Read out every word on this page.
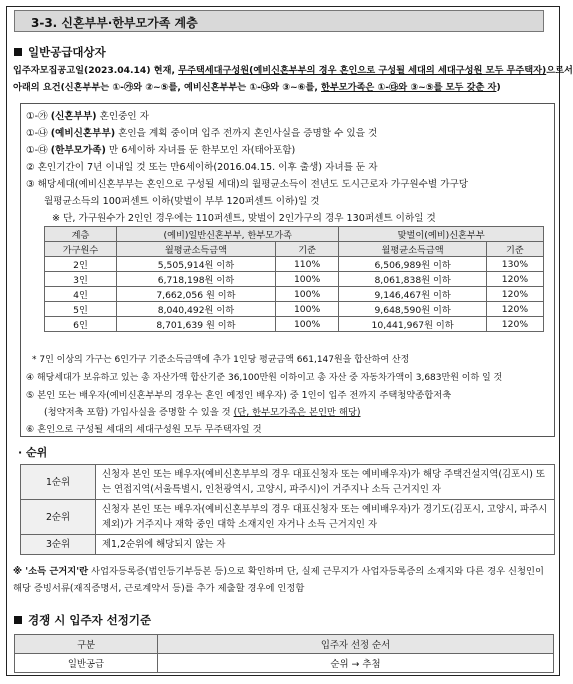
3-3. 신혼부부·한부모가족 계층
일반공급대상자
입주자모집공고일(2023.04.14) 현재, 무주택세대구성원(예비신혼부부의 경우 혼인으로 구성될 세대의 세대구성원 모두 무주택자)으로서
아래의 요건(신혼부부는 ①-㉮와 ②~⑤를, 예비신혼부부는 ①-㉯와 ③~⑥를, 한부모가족은 ①-㉰와 ③~⑤를 모두 갖춘 자)
①-㉮ (신혼부부) 혼인중인 자
①-㉯ (예비신혼부부) 혼인을 계획 중이며 입주 전까지 혼인사실을 증명할 수 있을 것
①-㉰ (한부모가족) 만 6세이하 자녀를 둔 한부모인 자(태아포함)
② 혼인기간이 7년 이내일 것 또는 만6세이하(2016.04.15. 이후 출생) 자녀를 둔 자
③ 해당세대(예비신혼부부는 혼인으로 구성될 세대)의 월평균소득이 전년도 도시근로자 가구원수별 가구당
월평균소득의 100퍼센트 이하(맞벌이 부부 120퍼센트 이하)일 것
※ 단, 가구원수가 2인인 경우에는 110퍼센트, 맞벌이 2인가구의 경우 130퍼센트 이하일 것
계층	(예비)일반신혼부부, 한부모가족		맞벌이(예비)신혼부부	
가구원수	월평균소득금액	기준	월평균소득금액	기준
2인	5,505,914원 이하	110%	6,506,989원 이하	130%
3인	6,718,198원 이하	100%	8,061,838원 이하	120%
4인	7,662,056 원 이하	100%	9,146,467원 이하	120%
5인	8,040,492원 이하	100%	9,648,590원 이하	120%
6인	8,701,639 원 이하	100%	10,441,967원 이하	120%
* 7인 이상의 가구는 6인가구 기준소득금액에 추가 1인당 평균금액 661,147원을 합산하여 산정
④ 해당세대가 보유하고 있는 총 자산가액 합산기준 36,100만원 이하이고 총 자산 중 자동차가액이 3,683만원 이하 일 것
⑤ 본인 또는 배우자(예비신혼부부의 경우는 혼인 예정인 배우자) 중 1인이 입주 전까지 주택청약종합저축
(청약저축 포함) 가입사실을 증명할 수 있을 것 (단, 한부모가족은 본인만 해당)
⑥ 혼인으로 구성될 세대의 세대구성원 모두 무주택자일 것
· 순위
1순위	신청자 본인 또는 배우자(예비신혼부부의 경우 대표신청자 또는 예비배우자)가 해당 주택건설지역(김포시) 또는 연접지역(서울특별시, 인천광역시, 고양시, 파주시)이 거주지나 소득 근거지인 자
2순위	신청자 본인 또는 배우자(예비신혼부부의 경우 대표신청자 또는 예비배우자)가 경기도(김포시, 고양시, 파주시 제외)가 거주지나 재학 중인 대학 소재지인 자거나 소득 근거지인 자
3순위	제1,2순위에 해당되지 않는 자
※ '소득 근거지'란 사업자등록증(법인등기부등본 등)으로 확인하며 단, 실제 근무지가 사업자등록증의 소재지와 다른 경우 신청인이 해당 증빙서류(재직증명서, 근로계약서 등)를 추가 제출할 경우에 인정함
경쟁 시 입주자 선정기준
구분	입주자 선정 순서
일반공급	순위 → 추첨
